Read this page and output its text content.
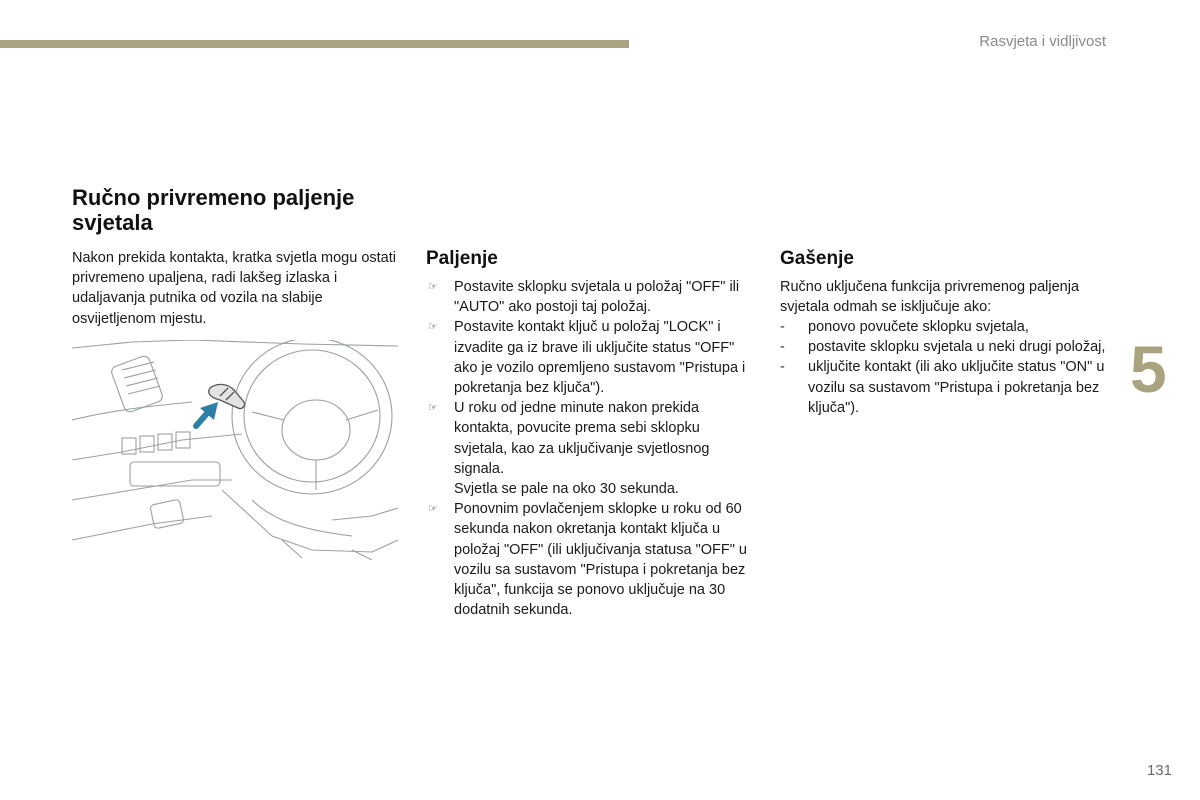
Rasvjeta i vidljivost
Ručno privremeno paljenje svjetala

Nakon prekida kontakta, kratka svjetla mogu ostati privremeno upaljena, radi lakšeg izlaska i udaljavanja putnika od vozila na slabije osvijetljenom mjestu.

Paljenje
☞ Postavite sklopku svjetala u položaj "OFF" ili "AUTO" ako postoji taj položaj.
☞ Postavite kontakt ključ u položaj "LOCK" i izvadite ga iz brave ili uključite status "OFF" ako je vozilo opremljeno sustavom "Pristupa i pokretanja bez ključa").
☞ U roku od jedne minute nakon prekida kontakta, povucite prema sebi sklopku svjetala, kao za uključivanje svjetlosnog signala.
Svjetla se pale na oko 30 sekunda.
☞ Ponovnim povlačenjem sklopke u roku od 60 sekunda nakon okretanja kontakt ključa u položaj "OFF" (ili uključivanja statusa "OFF" u vozilu sa sustavom "Pristupa i pokretanja bez ključa", funkcija se ponovo uključuje na 30 dodatnih sekunda.
Gašenje

Ručno uključena funkcija privremenog paljenja svjetala odmah se isključuje ako:

- ponovo povučete sklopku svjetala,
- postavite sklopku svjetala u neki drugi položaj,
- uključite kontakt (ili ako uključite status "ON" u vozilu sa sustavom "Pristupa i pokretanja bez ključa").
5
131
